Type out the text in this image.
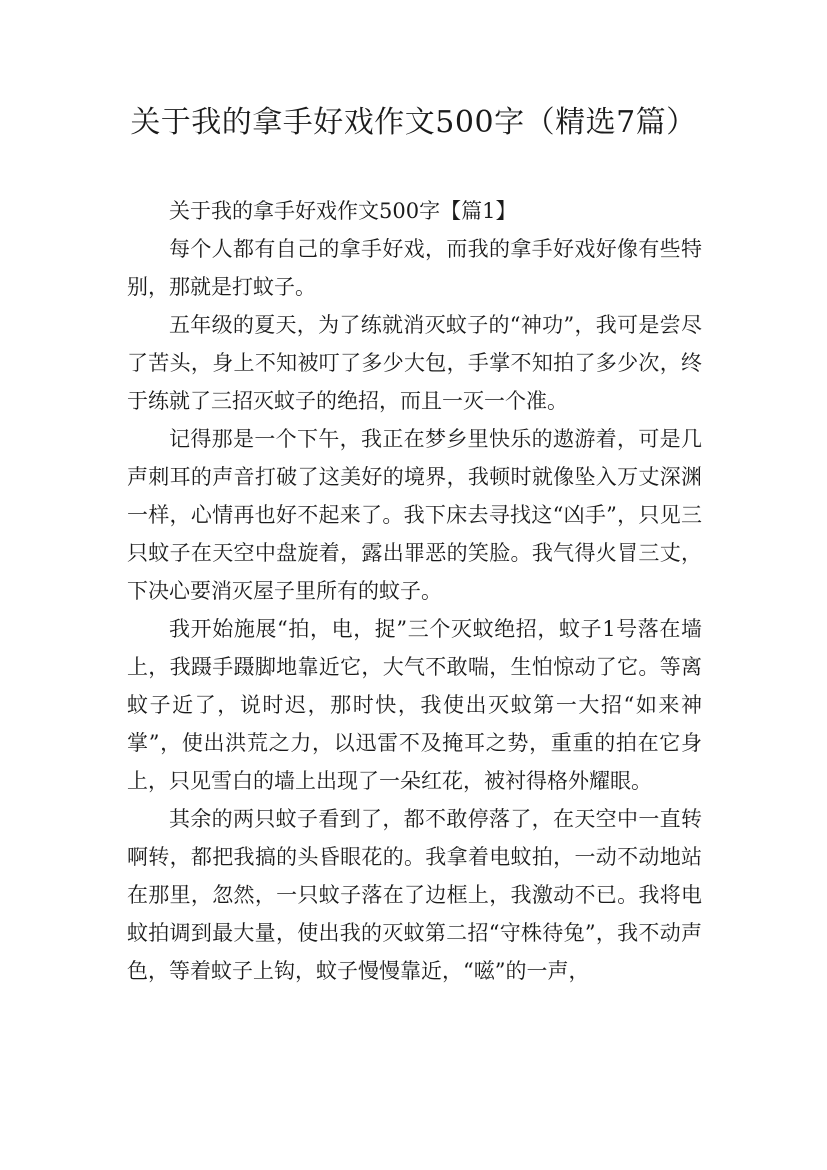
关于我的拿手好戏作文500字（精选7篇）
关于我的拿手好戏作文500字【篇1】

每个人都有自己的拿手好戏，而我的拿手好戏好像有些特别，那就是打蚊子。

五年级的夏天，为了练就消灭蚊子的“神功”，我可是尝尽了苦头，身上不知被叮了多少大包，手掌不知拍了多少次，终于练就了三招灭蚊子的绝招，而且一灭一个准。

记得那是一个下午，我正在梦乡里快乐的遨游着，可是几声刺耳的声音打破了这美好的境界，我顿时就像坠入万丈深渊一样，心情再也好不起来了。我下床去寻找这“凶手”，只见三只蚊子在天空中盘旋着，露出罪恶的笑脸。我气得火冒三丈，下决心要消灭屋子里所有的蚊子。

我开始施展“拍，电，捉”三个灭蚊绝招，蚊子1号落在墙上，我蹑手蹑脚地靠近它，大气不敢喘，生怕惊动了它。等离蚊子近了，说时迟，那时快，我使出灭蚊第一大招“如来神掌”，使出洪荒之力，以迅雷不及掩耳之势，重重的拍在它身上，只见雪白的墙上出现了一朵红花，被衬得格外耀眼。

其余的两只蚊子看到了，都不敢停落了，在天空中一直转啊转，都把我搞的头昏眼花的。我拿着电蚊拍，一动不动地站在那里，忽然，一只蚊子落在了边框上，我激动不已。我将电蚊拍调到最大量，使出我的灭蚊第二招“守株待兔”，我不动声色，等着蚊子上钩，蚊子慢慢靠近，“嗞”的一声，
